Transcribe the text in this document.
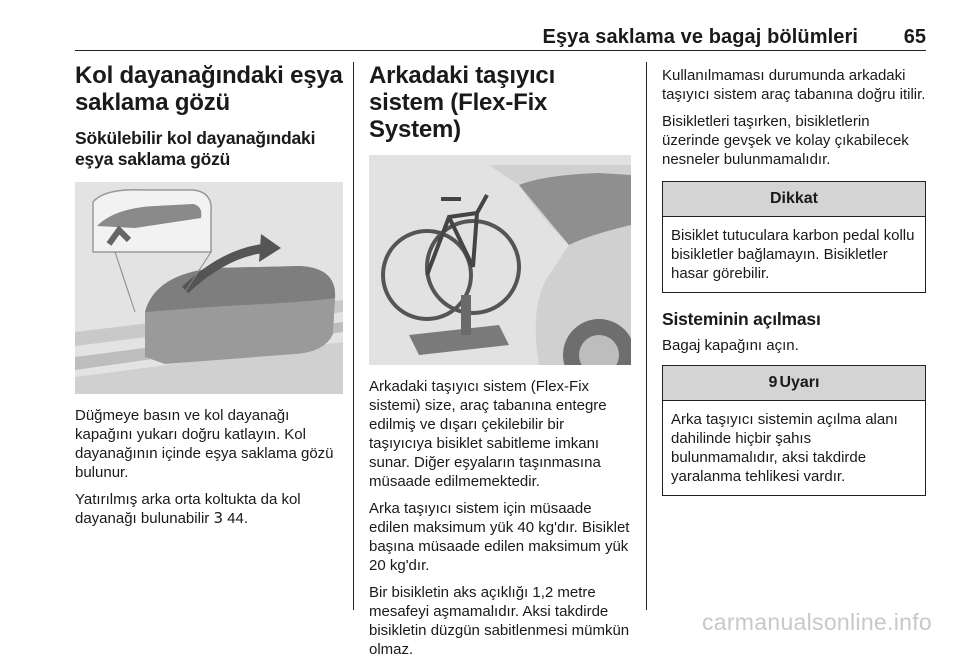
Eşya saklama ve bagaj bölümleri 65
Kol dayanağındaki eşya saklama gözü
Sökülebilir kol dayanağındaki eşya saklama gözü

Düğmeye basın ve kol dayanağı kapağını yukarı doğru katlayın. Kol dayanağının içinde eşya saklama gözü bulunur.

Yatırılmış arka orta koltukta da kol dayanağı bulunabilir 3 44.

Arkadaki taşıyıcı sistem (Flex-Fix System)

Arkadaki taşıyıcı sistem (Flex-Fix sistemi) size, araç tabanına entegre edilmiş ve dışarı çekilebilir bir taşıyıcıya bisiklet sabitleme imkanı sunar. Diğer eşyaların taşınmasına müsaade edilmemektedir.

Arka taşıyıcı sistem için müsaade edilen maksimum yük 40 kg'dır. Bisiklet başına müsaade edilen maksimum yük 20 kg'dır.

Bir bisikletin aks açıklığı 1,2 metre mesafeyi aşmamalıdır. Aksi takdirde bisikletin düzgün sabitlenmesi mümkün olmaz.

Kullanılmaması durumunda arkadaki taşıyıcı sistem araç tabanına doğru itilir.

Bisikletleri taşırken, bisikletlerin üzerinde gevşek ve kolay çıkabilecek nesneler bulunmamalıdır.

Dikkat
Bisiklet tutuculara karbon pedal kollu bisikletler bağlamayın. Bisikletler hasar görebilir.
Sisteminin açılması

Bagaj kapağını açın.

9 Uyarı
Arka taşıyıcı sistemin açılma alanı dahilinde hiçbir şahıs bulunmamalıdır, aksi takdirde yaralanma tehlikesi vardır.
carmanualsonline.info
